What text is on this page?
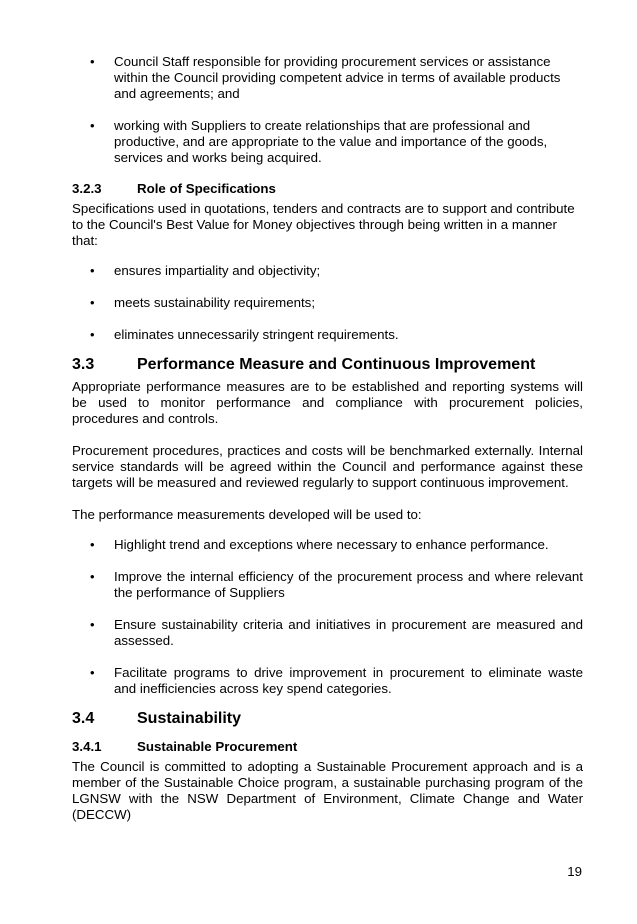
• Council Staff responsible for providing procurement services or assistance within the Council providing competent advice in terms of available products and agreements; and
• working with Suppliers to create relationships that are professional and productive, and are appropriate to the value and importance of the goods, services and works being acquired.
3.2.3	Role of Specifications

Specifications used in quotations, tenders and contracts are to support and contribute to the Council's Best Value for Money objectives through being written in a manner that:

• ensures impartiality and objectivity;
• meets sustainability requirements;
• eliminates unnecessarily stringent requirements.
3.3	Performance Measure and Continuous Improvement

Appropriate performance measures are to be established and reporting systems will be used to monitor performance and compliance with procurement policies, procedures and controls.

Procurement procedures, practices and costs will be benchmarked externally. Internal service standards will be agreed within the Council and performance against these targets will be measured and reviewed regularly to support continuous improvement.

The performance measurements developed will be used to:

• Highlight trend and exceptions where necessary to enhance performance.
• Improve the internal efficiency of the procurement process and where relevant the performance of Suppliers
• Ensure sustainability criteria and initiatives in procurement are measured and assessed.
• Facilitate programs to drive improvement in procurement to eliminate waste and inefficiencies across key spend categories.
3.4	Sustainability
3.4.1	Sustainable Procurement

The Council is committed to adopting a Sustainable Procurement approach and is a member of the Sustainable Choice program, a sustainable purchasing program of the LGNSW with the NSW Department of Environment, Climate Change and Water (DECCW)

19
